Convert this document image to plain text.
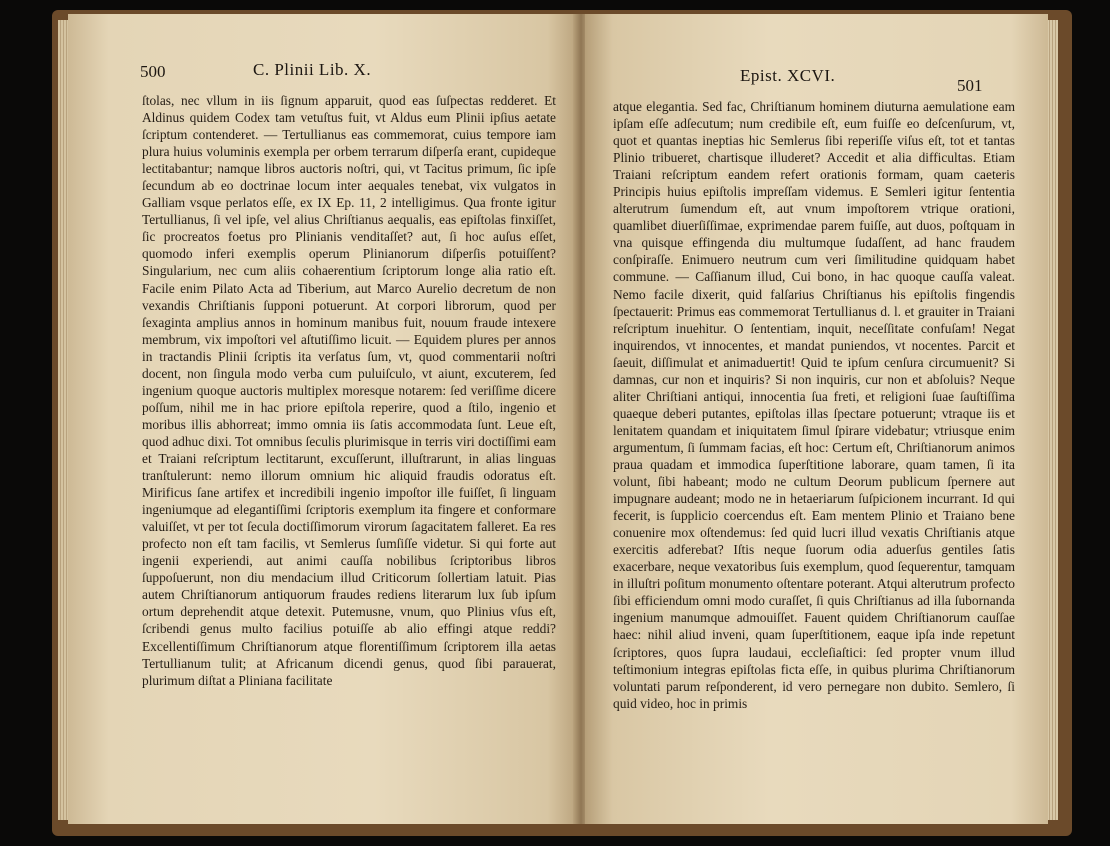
500	C. Plinii Lib. X.

ſtolas, nec vllum in iis ſignum apparuit, quod eas ſuſpectas redderet. Et Aldinus quidem Codex tam vetuſtus fuit, vt Aldus eum Plinii ipſius aetate ſcriptum contenderet. — Tertullianus eas commemorat, cuius tempore iam plura huius voluminis exempla per orbem terrarum diſperſa erant, cupideque lectitabantur; namque libros auctoris noſtri, qui, vt Tacitus primum, ſic ipſe ſecundum ab eo doctrinae locum inter aequales tenebat, vix vulgatos in Galliam vsque perlatos eſſe, ex IX Ep. 11, 2 intelligimus. Qua fronte igitur Tertullianus, ſi vel ipſe, vel alius Chriſtianus aequalis, eas epiſtolas finxiſſet, ſic procreatos foetus pro Plinianis venditaſſet? aut, ſi hoc auſus eſſet, quomodo inferi exemplis operum Plinianorum diſperſis potuiſſent? Singularium, nec cum aliis cohaerentium ſcriptorum longe alia ratio eſt. Facile enim Pilato Acta ad Tiberium, aut Marco Aurelio decretum de non vexandis Chriſtianis ſupponi potuerunt. At corpori librorum, quod per ſexaginta amplius annos in hominum manibus fuit, nouum fraude intexere membrum, vix impoſtori vel aſtutiſſimo licuit. — Equidem plures per annos in tractandis Plinii ſcriptis ita verſatus ſum, vt, quod commentarii noſtri docent, non ſingula modo verba cum puluiſculo, vt aiunt, excuterem, ſed ingenium quoque auctoris multiplex moresque notarem: ſed veriſſime dicere poſſum, nihil me in hac priore epiſtola reperire, quod a ſtilo, ingenio et moribus illis abhorreat; immo omnia iis ſatis accommodata ſunt. Leue eſt, quod adhuc dixi. Tot omnibus ſeculis plurimisque in terris viri doctiſſimi eam et Traiani reſcriptum lectitarunt, excuſſerunt, illuſtrarunt, in alias linguas tranſtulerunt: nemo illorum omnium hic aliquid fraudis odoratus eſt. Mirificus ſane artifex et incredibili ingenio impoſtor ille fuiſſet, ſi linguam ingeniumque ad elegantiſſimi ſcriptoris exemplum ita fingere et conformare valuiſſet, vt per tot ſecula doctiſſimorum virorum ſagacitatem falleret. Ea res profecto non eſt tam facilis, vt Semlerus ſumſiſſe videtur. Si qui forte aut ingenii experiendi, aut animi cauſſa nobilibus ſcriptoribus libros ſuppoſuerunt, non diu mendacium illud Criticorum ſollertiam latuit. Pias autem Chriſtianorum antiquorum fraudes rediens literarum lux ſub ipſum ortum deprehendit atque detexit. Putemusne, vnum, quo Plinius vſus eſt, ſcribendi genus multo facilius potuiſſe ab alio effingi atque reddi? Excellentiſſimum Chriſtianorum atque florentiſſimum ſcriptorem illa aetas Tertullianum tulit; at Africanum dicendi genus, quod ſibi parauerat, plurimum diſtat a Pliniana facilitate

Epist. XCVI.
501

atque elegantia. Sed fac, Chriſtianum hominem diuturna aemulatione eam ipſam eſſe adſecutum; num credibile eſt, eum fuiſſe eo deſcenſurum, vt, quot et quantas ineptias hic Semlerus ſibi reperiſſe viſus eſt, tot et tantas Plinio tribueret, chartisque illuderet? Accedit et alia difficultas. Etiam Traiani reſcriptum eandem refert orationis formam, quam caeteris Principis huius epiſtolis impreſſam videmus. E Semleri igitur ſententia alterutrum ſumendum eſt, aut vnum impoſtorem vtrique orationi, quamlibet diuerſiſſimae, exprimendae parem fuiſſe, aut duos, poſtquam in vna quisque effingenda diu multumque ſudaſſent, ad hanc fraudem conſpiraſſe. Enimuero neutrum cum veri ſimilitudine quidquam habet commune. — Caſſianum illud, Cui bono, in hac quoque cauſſa valeat. Nemo facile dixerit, quid falſarius Chriſtianus his epiſtolis fingendis ſpectauerit: Primus eas commemorat Tertullianus d. l. et grauiter in Traiani reſcriptum inuehitur. O ſententiam, inquit, neceſſitate confuſam! Negat inquirendos, vt innocentes, et mandat puniendos, vt nocentes. Parcit et ſaeuit, diſſimulat et animaduertit! Quid te ipſum cenſura circumuenit? Si damnas, cur non et inquiris? Si non inquiris, cur non et abſoluis? Neque aliter Chriſtiani antiqui, innocentia ſua freti, et religioni ſuae ſauſtiſſima quaeque deberi putantes, epiſtolas illas ſpectare potuerunt; vtraque iis et lenitatem quandam et iniquitatem ſimul ſpirare videbatur; vtriusque enim argumentum, ſi ſummam facias, eſt hoc: Certum eſt, Chriſtianorum animos praua quadam et immodica ſuperſtitione laborare, quam tamen, ſi ita volunt, ſibi habeant; modo ne cultum Deorum publicum ſpernere aut impugnare audeant; modo ne in hetaeriarum ſuſpicionem incurrant. Id qui fecerit, is ſupplicio coercendus eſt. Eam mentem Plinio et Traiano bene conuenire mox oſtendemus: ſed quid lucri illud vexatis Chriſtianis atque exercitis adferebat? Iſtis neque ſuorum odia aduerſus gentiles ſatis exacerbare, neque vexatoribus ſuis exemplum, quod ſequerentur, tamquam in illuſtri poſitum monumento oſtentare poterant. Atqui alterutrum profecto ſibi efficiendum omni modo curaſſet, ſi quis Chriſtianus ad illa ſubornanda ingenium manumque admouiſſet. Fauent quidem Chriſtianorum cauſſae haec: nihil aliud inveni, quam ſuperſtitionem, eaque ipſa inde repetunt ſcriptores, quos ſupra laudaui, eccleſiaſtici: ſed propter vnum illud teſtimonium integras epiſtolas ficta eſſe, in quibus plurima Chriſtianorum voluntati parum reſponderent, id vero pernegare non dubito. Semlero, ſi quid video, hoc in primis
